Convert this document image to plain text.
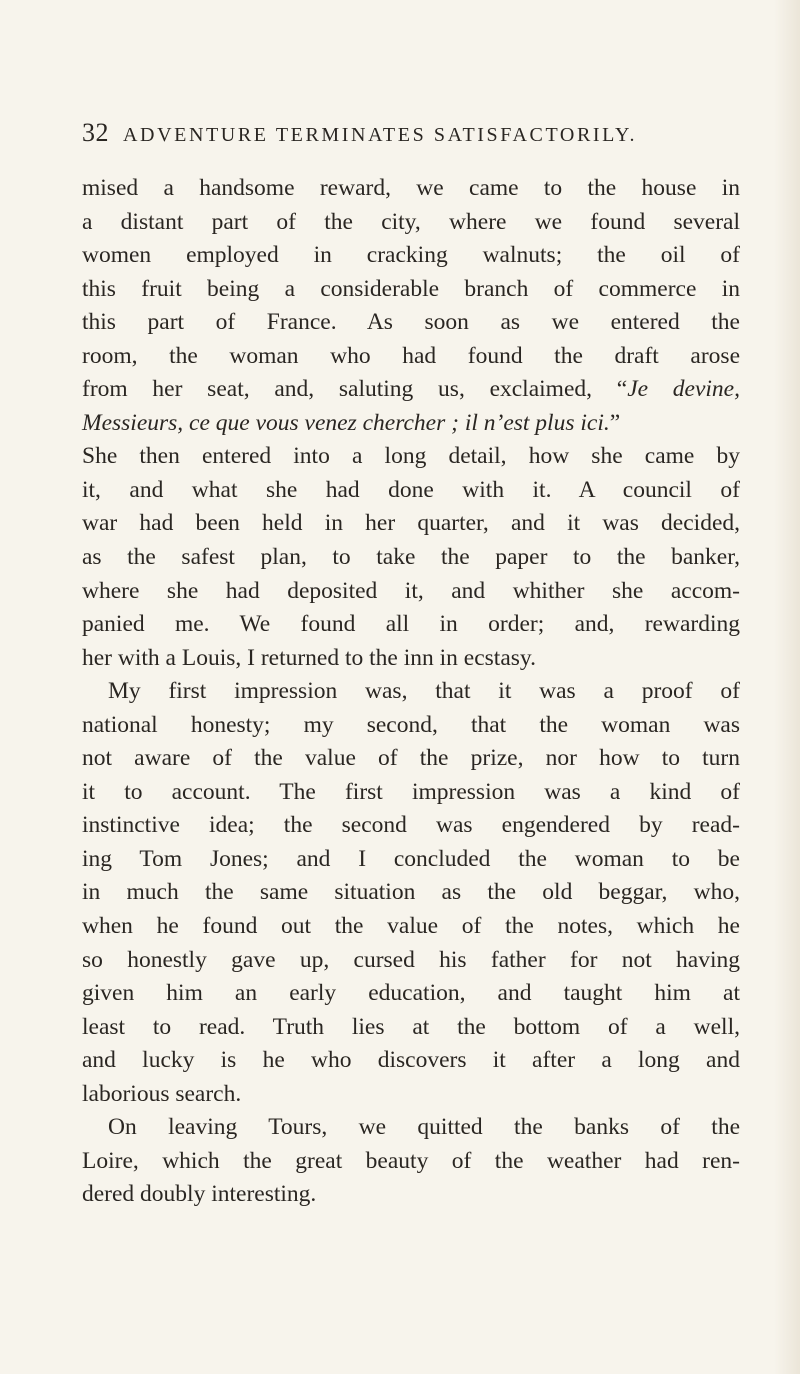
32 ADVENTURE TERMINATES SATISFACTORILY.
mised a handsome reward, we came to the house in
a distant part of the city, where we found several
women employed in cracking walnuts; the oil of
this fruit being a considerable branch of commerce in
this part of France. As soon as we entered the
room, the woman who had found the draft arose
from her seat, and, saluting us, exclaimed, “Je devine,
Messieurs, ce que vous venez chercher ; il n’est plus ici.”
She then entered into a long detail, how she came by
it, and what she had done with it. A council of
war had been held in her quarter, and it was decided,
as the safest plan, to take the paper to the banker,
where she had deposited it, and whither she accom-
panied me. We found all in order; and, rewarding
her with a Louis, I returned to the inn in ecstasy.
My first impression was, that it was a proof of
national honesty; my second, that the woman was
not aware of the value of the prize, nor how to turn
it to account. The first impression was a kind of
instinctive idea; the second was engendered by read-
ing Tom Jones; and I concluded the woman to be
in much the same situation as the old beggar, who,
when he found out the value of the notes, which he
so honestly gave up, cursed his father for not having
given him an early education, and taught him at
least to read. Truth lies at the bottom of a well,
and lucky is he who discovers it after a long and
laborious search.
On leaving Tours, we quitted the banks of the
Loire, which the great beauty of the weather had ren-
dered doubly interesting.
